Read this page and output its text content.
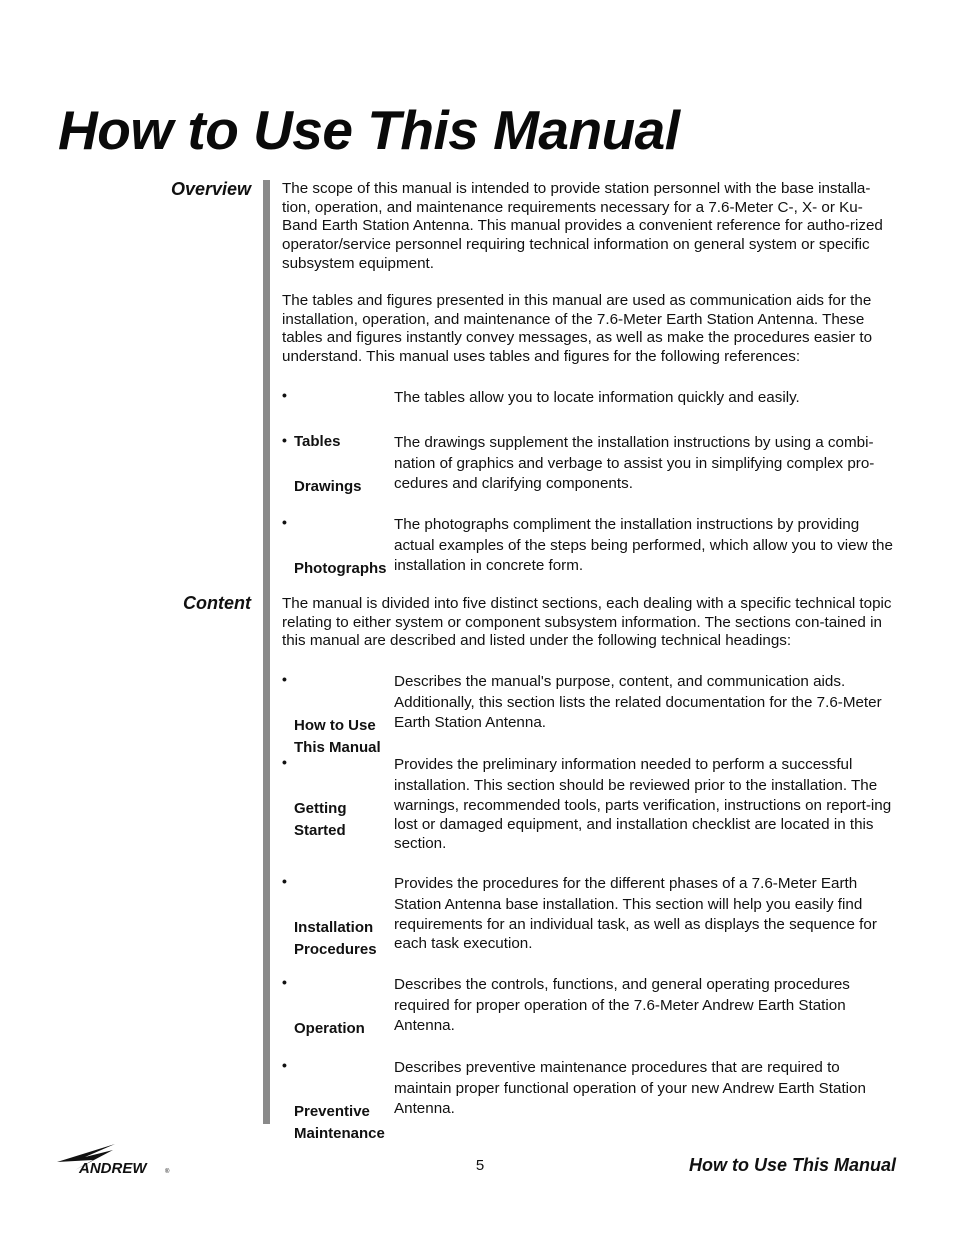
How to Use This Manual
Overview
Content

The scope of this manual is intended to provide station personnel with the base installa-tion, operation, and maintenance requirements necessary for a 7.6-Meter C-, X- or Ku-Band Earth Station Antenna. This manual provides a convenient reference for autho-rized operator/service personnel requiring technical information on general system or specific subsystem equipment.

The tables and figures presented in this manual are used as communication aids for the installation, operation, and maintenance of the 7.6-Meter Earth Station Antenna. These tables and figures instantly convey messages, as well as make the procedures easier to understand. This manual uses tables and figures for the following references:

•

Tables

The tables allow you to locate information quickly and easily.

•

Drawings

The drawings supplement the installation instructions by using a combi-
nation of graphics and verbage to assist you in simplifying complex pro-cedures and clarifying components.

•

Photographs

The photographs compliment the installation instructions by providing
actual examples of the steps being performed, which allow you to view the installation in concrete form.

The manual is divided into five distinct sections, each dealing with a specific technical topic relating to either system or component subsystem information. The sections con-tained in this manual are described and listed under the following technical headings:

•

How to Use
This Manual

Describes the manual's purpose, content, and communication aids.
Additionally, this section lists the related documentation for the 7.6-Meter Earth Station Antenna.

•

Getting
Started

Provides the preliminary information needed to perform a successful
installation. This section should be reviewed prior to the installation. The warnings, recommended tools, parts verification, instructions on report-ing lost or damaged equipment, and installation checklist are located in this section.

•

Installation
Procedures

Provides the procedures for the different phases of a 7.6-Meter Earth
Station Antenna base installation. This section will help you easily find requirements for an individual task, as well as displays the sequence for each task execution.

•

Operation

Describes the controls, functions, and general operating procedures
required for proper operation of the 7.6-Meter Andrew Earth Station Antenna.

•

Preventive
Maintenance

Describes preventive maintenance procedures that are required to
maintain proper functional operation of your new Andrew Earth Station Antenna.

ANDREW	®	5	How to Use This Manual
